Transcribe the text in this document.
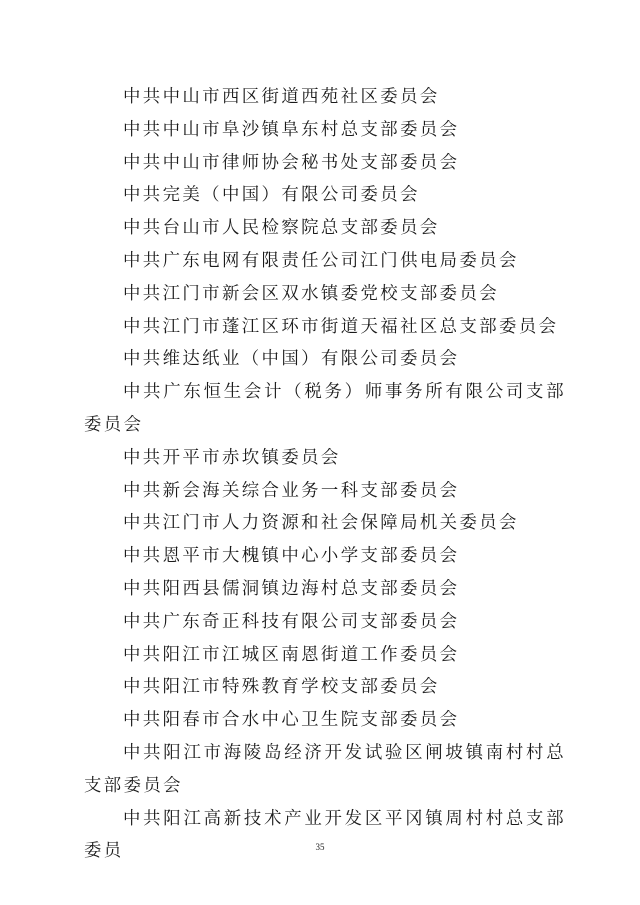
中共中山市西区街道西苑社区委员会
中共中山市阜沙镇阜东村总支部委员会
中共中山市律师协会秘书处支部委员会
中共完美（中国）有限公司委员会
中共台山市人民检察院总支部委员会
中共广东电网有限责任公司江门供电局委员会
中共江门市新会区双水镇委党校支部委员会
中共江门市蓬江区环市街道天福社区总支部委员会
中共维达纸业（中国）有限公司委员会
中共广东恒生会计（税务）师事务所有限公司支部委员会
中共开平市赤坎镇委员会
中共新会海关综合业务一科支部委员会
中共江门市人力资源和社会保障局机关委员会
中共恩平市大槐镇中心小学支部委员会
中共阳西县儒洞镇边海村总支部委员会
中共广东奇正科技有限公司支部委员会
中共阳江市江城区南恩街道工作委员会
中共阳江市特殊教育学校支部委员会
中共阳春市合水中心卫生院支部委员会
中共阳江市海陵岛经济开发试验区闸坡镇南村村总支部委员会
中共阳江高新技术产业开发区平冈镇周村村总支部委员	35
